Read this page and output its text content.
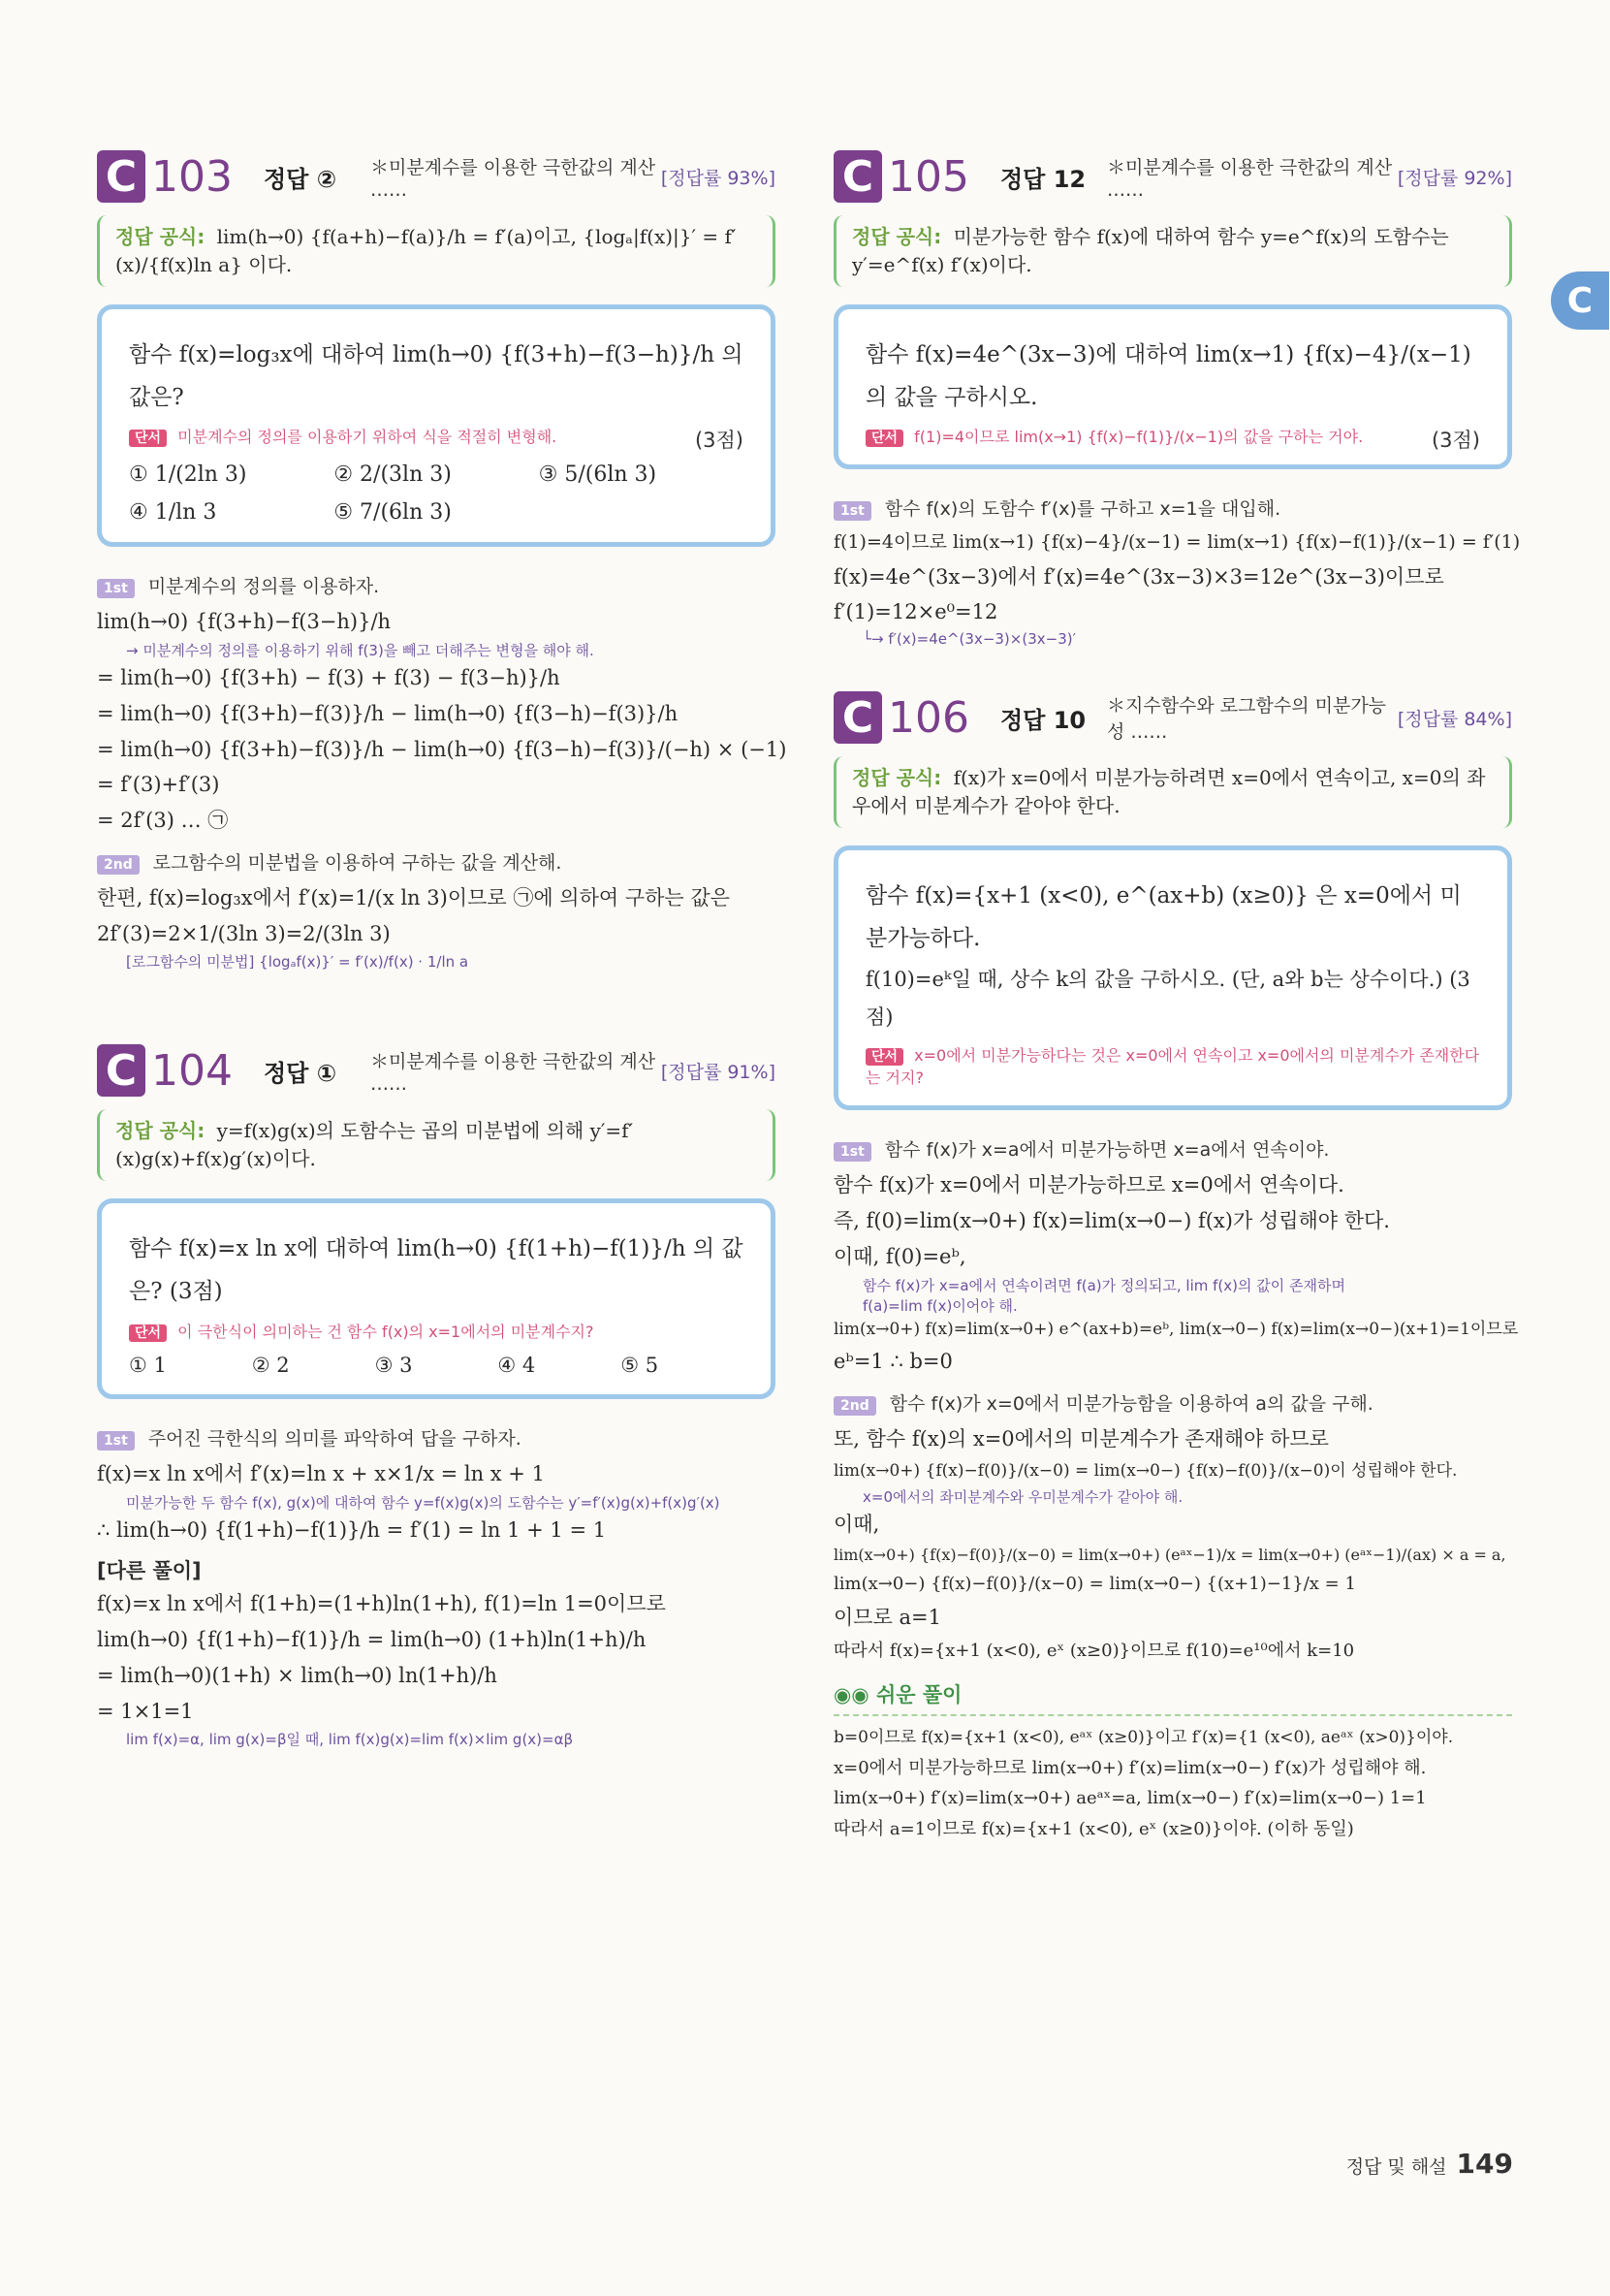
C
C 103	정답 ②	＊미분계수를 이용한 극한값의 계산 ……
[정답률 93%]
정답 공식: lim(h→0) {f(a+h)−f(a)}/h = f′(a)이고, {logₐ|f(x)|}′ = f′(x)/{f(x)ln a} 이다.
함수 f(x)=log₃x에 대하여 lim(h→0) {f(3+h)−f(3−h)}/h 의 값은?
단서 미분계수의 정의를 이용하기 위하여 식을 적절히 변형해.	(3점)
① 1/(2ln 3)	② 2/(3ln 3)	③ 5/(6ln 3)
④ 1/ln 3	⑤ 7/(6ln 3)
1st 미분계수의 정의를 이용하자.
lim(h→0) {f(3+h)−f(3−h)}/h
→ 미분계수의 정의를 이용하기 위해 f(3)을 빼고 더해주는 변형을 해야 해.
= lim(h→0) {f(3+h) − f(3) + f(3) − f(3−h)}/h
= lim(h→0) {f(3+h)−f(3)}/h − lim(h→0) {f(3−h)−f(3)}/h
= lim(h→0) {f(3+h)−f(3)}/h − lim(h→0) {f(3−h)−f(3)}/(−h) × (−1)
= f′(3)+f′(3)
= 2f′(3) … ㉠
2nd 로그함수의 미분법을 이용하여 구하는 값을 계산해.
한편, f(x)=log₃x에서 f′(x)=1/(x ln 3)이므로 ㉠에 의하여 구하는 값은
2f′(3)=2×1/(3ln 3)=2/(3ln 3)
[로그함수의 미분법] {logₐf(x)}′ = f′(x)/f(x) · 1/ln a
C 104	정답 ①	＊미분계수를 이용한 극한값의 계산 ……
[정답률 91%]
정답 공식: y=f(x)g(x)의 도함수는 곱의 미분법에 의해 y′=f′(x)g(x)+f(x)g′(x)이다.
함수 f(x)=x ln x에 대하여 lim(h→0) {f(1+h)−f(1)}/h 의 값은? (3점)
단서 이 극한식이 의미하는 건 함수 f(x)의 x=1에서의 미분계수지?
① 1	② 2	③ 3	④ 4	⑤ 5
1st 주어진 극한식의 의미를 파악하여 답을 구하자.
f(x)=x ln x에서 f′(x)=ln x + x×1/x = ln x + 1
미분가능한 두 함수 f(x), g(x)에 대하여 함수 y=f(x)g(x)의 도함수는 y′=f′(x)g(x)+f(x)g′(x)
∴ lim(h→0) {f(1+h)−f(1)}/h = f′(1) = ln 1 + 1 = 1
[다른 풀이]
f(x)=x ln x에서 f(1+h)=(1+h)ln(1+h), f(1)=ln 1=0이므로
lim(h→0) {f(1+h)−f(1)}/h = lim(h→0) (1+h)ln(1+h)/h
= lim(h→0)(1+h) × lim(h→0) ln(1+h)/h
= 1×1=1
lim f(x)=α, lim g(x)=β일 때, lim f(x)g(x)=lim f(x)×lim g(x)=αβ
C 105	정답 12	＊미분계수를 이용한 극한값의 계산 ……
[정답률 92%]
정답 공식: 미분가능한 함수 f(x)에 대하여 함수 y=e^f(x)의 도함수는 y′=e^f(x) f′(x)이다.
함수 f(x)=4e^(3x−3)에 대하여 lim(x→1) {f(x)−4}/(x−1) 의 값을 구하시오.
단서 f(1)=4이므로 lim(x→1) {f(x)−f(1)}/(x−1)의 값을 구하는 거야.	(3점)
1st 함수 f(x)의 도함수 f′(x)를 구하고 x=1을 대입해.
f(1)=4이므로 lim(x→1) {f(x)−4}/(x−1) = lim(x→1) {f(x)−f(1)}/(x−1) = f′(1)
f(x)=4e^(3x−3)에서 f′(x)=4e^(3x−3)×3=12e^(3x−3)이므로
f′(1)=12×e⁰=12
└→ f′(x)=4e^(3x−3)×(3x−3)′
C 106	정답 10
＊지수함수와 로그함수의 미분가능성 ……
[정답률 84%]
정답 공식: f(x)가 x=0에서 미분가능하려면 x=0에서 연속이고, x=0의 좌우에서 미분계수가 같아야 한다.
함수 f(x)={x+1 (x<0), e^(ax+b) (x≥0)} 은 x=0에서 미분가능하다.
f(10)=eᵏ일 때, 상수 k의 값을 구하시오. (단, a와 b는 상수이다.) (3점)
단서 x=0에서 미분가능하다는 것은 x=0에서 연속이고 x=0에서의 미분계수가 존재한다는 거지?
1st 함수 f(x)가 x=a에서 미분가능하면 x=a에서 연속이야.
함수 f(x)가 x=0에서 미분가능하므로 x=0에서 연속이다.
즉, f(0)=lim(x→0+) f(x)=lim(x→0−) f(x)가 성립해야 한다.
이때, f(0)=eᵇ,
함수 f(x)가 x=a에서 연속이려면 f(a)가 정의되고, lim f(x)의 값이 존재하며 f(a)=lim f(x)이어야 해.
lim(x→0+) f(x)=lim(x→0+) e^(ax+b)=eᵇ, lim(x→0−) f(x)=lim(x→0−)(x+1)=1이므로
eᵇ=1 ∴ b=0
2nd 함수 f(x)가 x=0에서 미분가능함을 이용하여 a의 값을 구해.
또, 함수 f(x)의 x=0에서의 미분계수가 존재해야 하므로
lim(x→0+) {f(x)−f(0)}/(x−0) = lim(x→0−) {f(x)−f(0)}/(x−0)이 성립해야 한다.
x=0에서의 좌미분계수와 우미분계수가 같아야 해.
이때,
lim(x→0+) {f(x)−f(0)}/(x−0) = lim(x→0+) (eᵃˣ−1)/x = lim(x→0+) (eᵃˣ−1)/(ax) × a = a,
lim(x→0−) {f(x)−f(0)}/(x−0) = lim(x→0−) {(x+1)−1}/x = 1
이므로 a=1
따라서 f(x)={x+1 (x<0), eˣ (x≥0)}이므로 f(10)=e¹⁰에서 k=10
◉◉ 쉬운 풀이
b=0이므로 f(x)={x+1 (x<0), eᵃˣ (x≥0)}이고 f′(x)={1 (x<0), aeᵃˣ (x>0)}이야.
x=0에서 미분가능하므로 lim(x→0+) f′(x)=lim(x→0−) f′(x)가 성립해야 해.
lim(x→0+) f′(x)=lim(x→0+) aeᵃˣ=a, lim(x→0−) f′(x)=lim(x→0−) 1=1
따라서 a=1이므로 f(x)={x+1 (x<0), eˣ (x≥0)}이야. (이하 동일)
정답 및 해설 149
